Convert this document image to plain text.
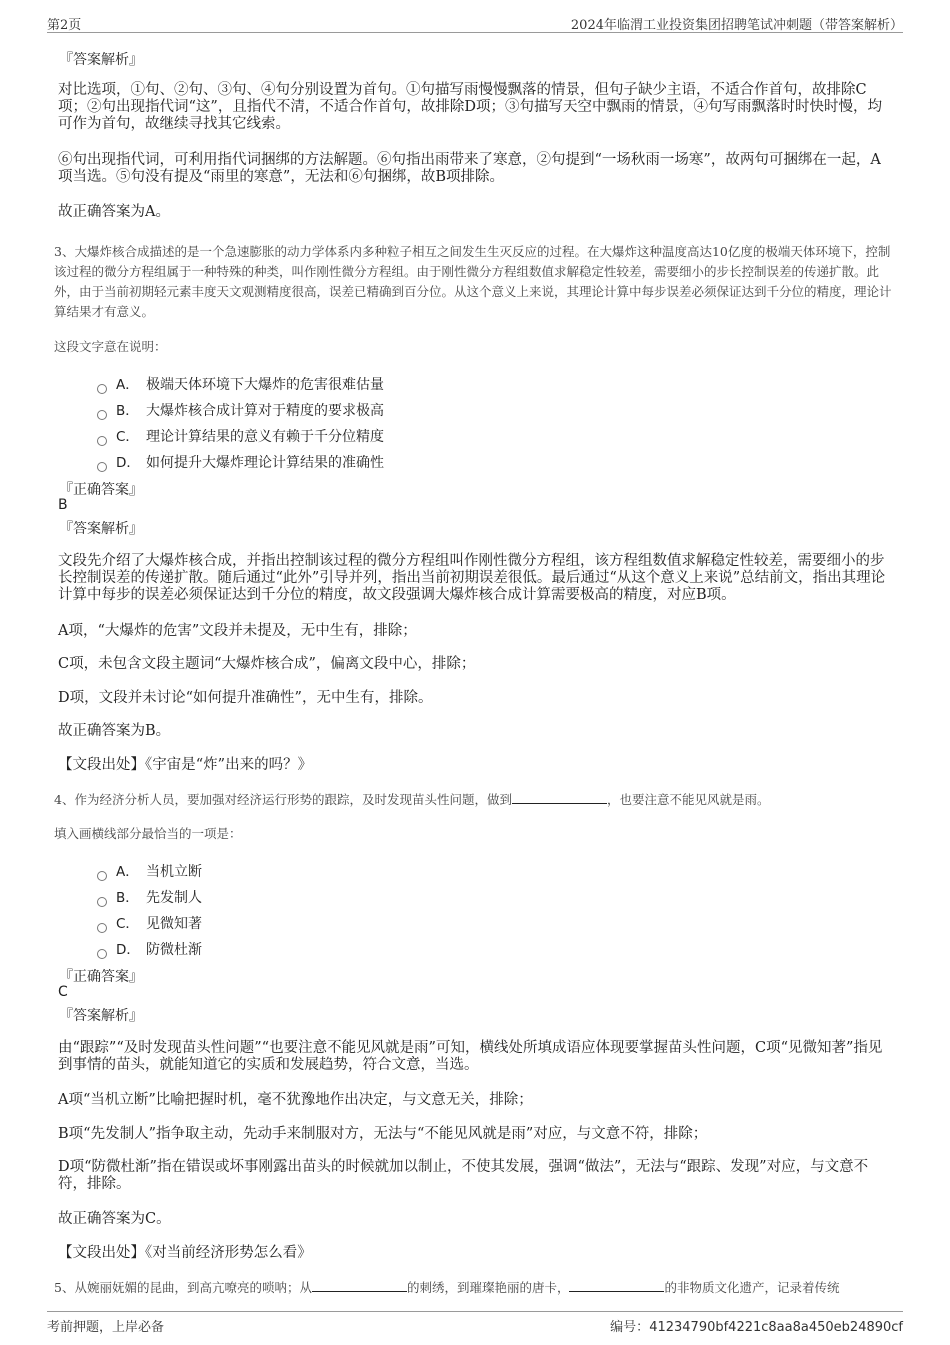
第2页	2024年临渭工业投资集团招聘笔试冲刺题（带答案解析）
『答案解析』

对比选项，①句、②句、③句、④句分别设置为首句。①句描写雨慢慢飘落的情景，但句子缺少主语，不适合作首句，故排除C项；②句出现指代词“这”，且指代不清，不适合作首句，故排除D项；③句描写天空中飘雨的情景，④句写雨飘落时时快时慢，均可作为首句，故继续寻找其它线索。

⑥句出现指代词，可利用指代词捆绑的方法解题。⑥句指出雨带来了寒意，②句提到“一场秋雨一场寒”，故两句可捆绑在一起，A项当选。⑤句没有提及“雨里的寒意”，无法和⑥句捆绑，故B项排除。

故正确答案为A。

3、大爆炸核合成描述的是一个急速膨胀的动力学体系内多种粒子相互之间发生生灭反应的过程。在大爆炸这种温度高达10亿度的极端天体环境下，控制该过程的微分方程组属于一种特殊的种类，叫作刚性微分方程组。由于刚性微分方程组数值求解稳定性较差，需要细小的步长控制误差的传递扩散。此外，由于当前初期轻元素丰度天文观测精度很高，误差已精确到百分位。从这个意义上来说，其理论计算中每步误差必须保证达到千分位的精度，理论计算结果才有意义。
这段文字意在说明：
A． 极端天体环境下大爆炸的危害很难估量
B． 大爆炸核合成计算对于精度的要求极高
C． 理论计算结果的意义有赖于千分位精度
D． 如何提升大爆炸理论计算结果的准确性
『正确答案』
B
『答案解析』

文段先介绍了大爆炸核合成，并指出控制该过程的微分方程组叫作刚性微分方程组，该方程组数值求解稳定性较差，需要细小的步长控制误差的传递扩散。随后通过“此外”引导并列，指出当前初期误差很低。最后通过“从这个意义上来说”总结前文，指出其理论计算中每步的误差必须保证达到千分位的精度，故文段强调大爆炸核合成计算需要极高的精度，对应B项。

A项，“大爆炸的危害”文段并未提及，无中生有，排除；

C项，未包含文段主题词“大爆炸核合成”，偏离文段中心，排除；

D项，文段并未讨论“如何提升准确性”，无中生有，排除。

故正确答案为B。

【文段出处】《宇宙是“炸”出来的吗？》

4、作为经济分析人员，要加强对经济运行形势的跟踪，及时发现苗头性问题，做到	，也要注意不能见风就是雨。
填入画横线部分最恰当的一项是：
A． 当机立断
B． 先发制人
C． 见微知著
D． 防微杜渐
『正确答案』
C
『答案解析』

由“跟踪”“及时发现苗头性问题”“也要注意不能见风就是雨”可知，横线处所填成语应体现要掌握苗头性问题，C项“见微知著”指见到事情的苗头，就能知道它的实质和发展趋势，符合文意，当选。

A项“当机立断”比喻把握时机，毫不犹豫地作出决定，与文意无关，排除；

B项“先发制人”指争取主动，先动手来制服对方，无法与“不能见风就是雨”对应，与文意不符，排除；

D项“防微杜渐”指在错误或坏事刚露出苗头的时候就加以制止，不使其发展，强调“做法”，无法与“跟踪、发现”对应，与文意不符，排除。

故正确答案为C。

【文段出处】《对当前经济形势怎么看》

5、从婉丽妩媚的昆曲，到高亢嘹亮的唢呐；从	的刺绣，到璀璨艳丽的唐卡，	的非物质文化遗产，记录着传统
考前押题，上岸必备	编号：41234790bf4221c8aa8a450eb24890cf
